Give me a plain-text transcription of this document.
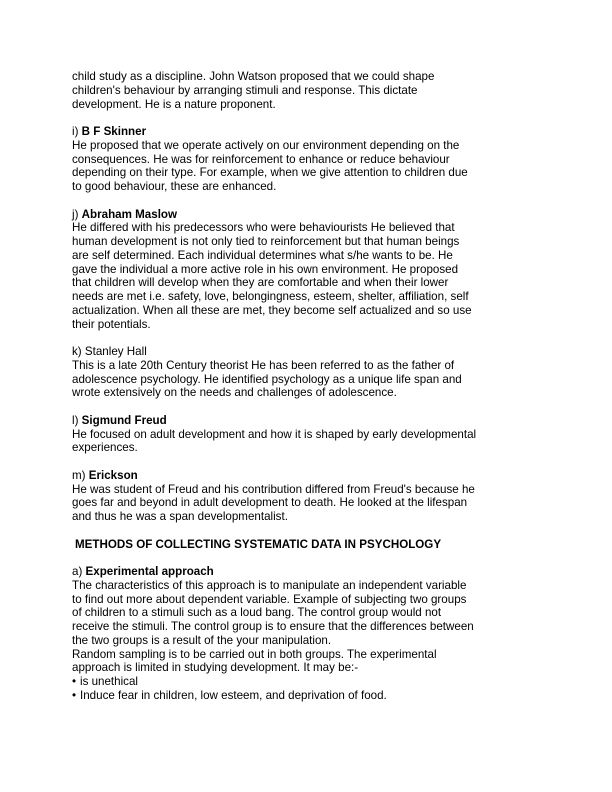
child study as a discipline. John Watson proposed that we could shape
children's behaviour by arranging stimuli and response. This dictate
development. He is a nature proponent.
i) B F Skinner
He proposed that we operate actively on our environment depending on the
consequences. He was for reinforcement to enhance or reduce behaviour
depending on their type. For example, when we give attention to children due
to good behaviour, these are enhanced.
j) Abraham Maslow
He differed with his predecessors who were behaviourists He believed that
human development is not only tied to reinforcement but that human beings
are self determined. Each individual determines what s/he wants to be. He
gave the individual a more active role in his own environment. He proposed
that children will develop when they are comfortable and when their lower
needs are met i.e. safety, love, belongingness, esteem, shelter, affiliation, self
actualization. When all these are met, they become self actualized and so use
their potentials.
k) Stanley Hall
This is a late 20th Century theorist He has been referred to as the father of
adolescence psychology. He identified psychology as a unique life span and
wrote extensively on the needs and challenges of adolescence.
l) Sigmund Freud
He focused on adult development and how it is shaped by early developmental
experiences.
m) Erickson
He was student of Freud and his contribution differed from Freud's because he
goes far and beyond in adult development to death. He looked at the lifespan
and thus he was a span developmentalist.
METHODS OF COLLECTING SYSTEMATIC DATA IN PSYCHOLOGY
a) Experimental approach
The characteristics of this approach is to manipulate an independent variable
to find out more about dependent variable. Example of subjecting two groups
of children to a stimuli such as a loud bang. The control group would not
receive the stimuli. The control group is to ensure that the differences between
the two groups is a result of the your manipulation.
Random sampling is to be carried out in both groups. The experimental
approach is limited in studying development. It may be:-
• is unethical
• Induce fear in children, low esteem, and deprivation of food.
